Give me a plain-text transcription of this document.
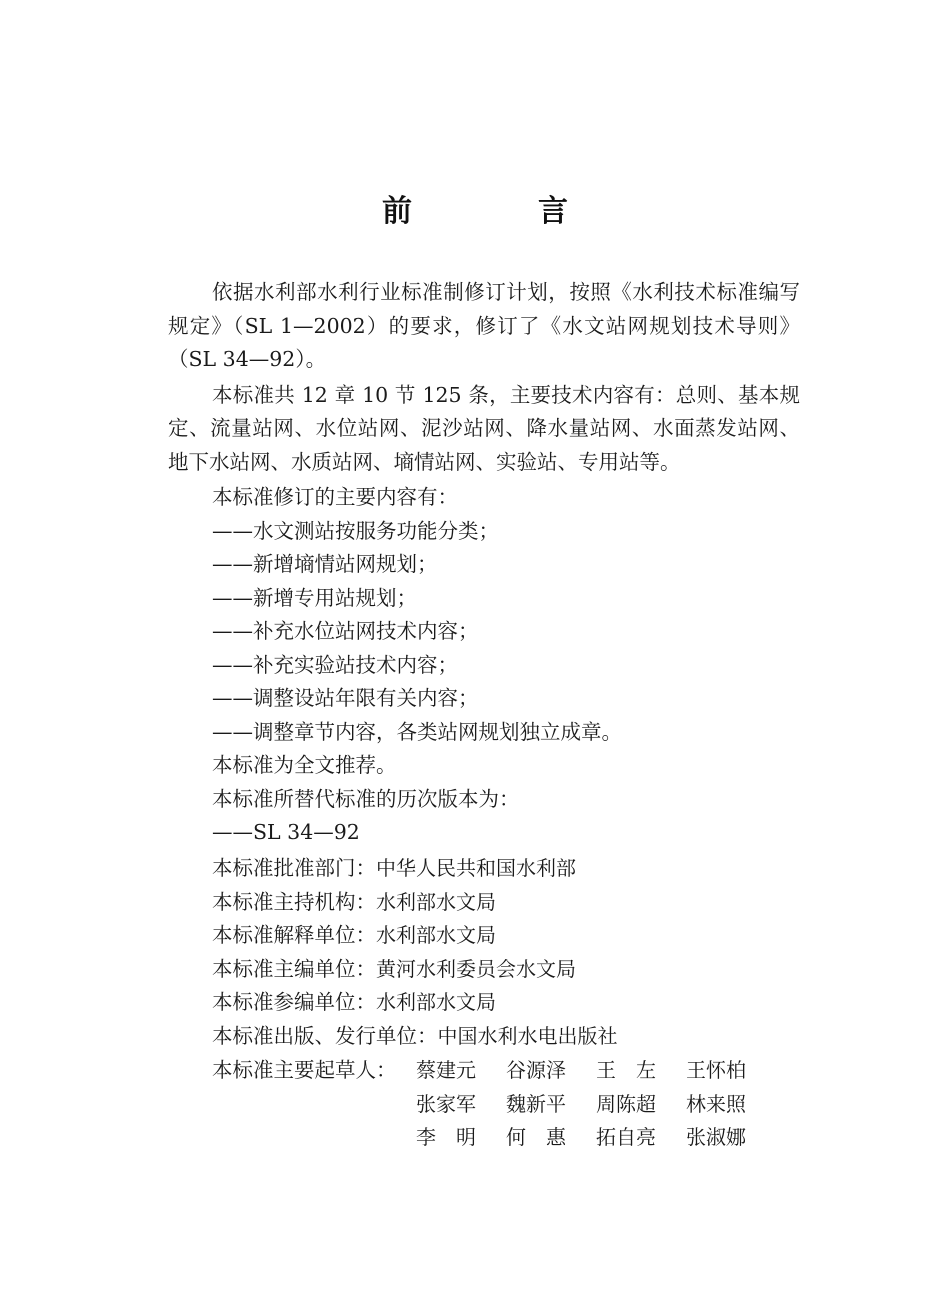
前　言

依据水利部水利行业标准制修订计划，按照《水利技术标准编写规定》（SL 1—2002）的要求，修订了《水文站网规划技术导则》（SL 34—92）。

本标准共 12 章 10 节 125 条，主要技术内容有：总则、基本规定、流量站网、水位站网、泥沙站网、降水量站网、水面蒸发站网、地下水站网、水质站网、墒情站网、实验站、专用站等。

本标准修订的主要内容有：

——水文测站按服务功能分类；

——新增墒情站网规划；

——新增专用站规划；

——补充水位站网技术内容；

——补充实验站技术内容；

——调整设站年限有关内容；

——调整章节内容，各类站网规划独立成章。

本标准为全文推荐。

本标准所替代标准的历次版本为：

——SL 34—92

本标准批准部门：中华人民共和国水利部
本标准主持机构：水利部水文局
本标准解释单位：水利部水文局
本标准主编单位：黄河水利委员会水文局
本标准参编单位：水利部水文局
本标准出版、发行单位：中国水利水电出版社
本标准主要起草人： 蔡建元	谷源泽	王　左	王怀柏
张家军	魏新平	周陈超	林来照
李　明	何　惠	拓自亮	张淑娜
